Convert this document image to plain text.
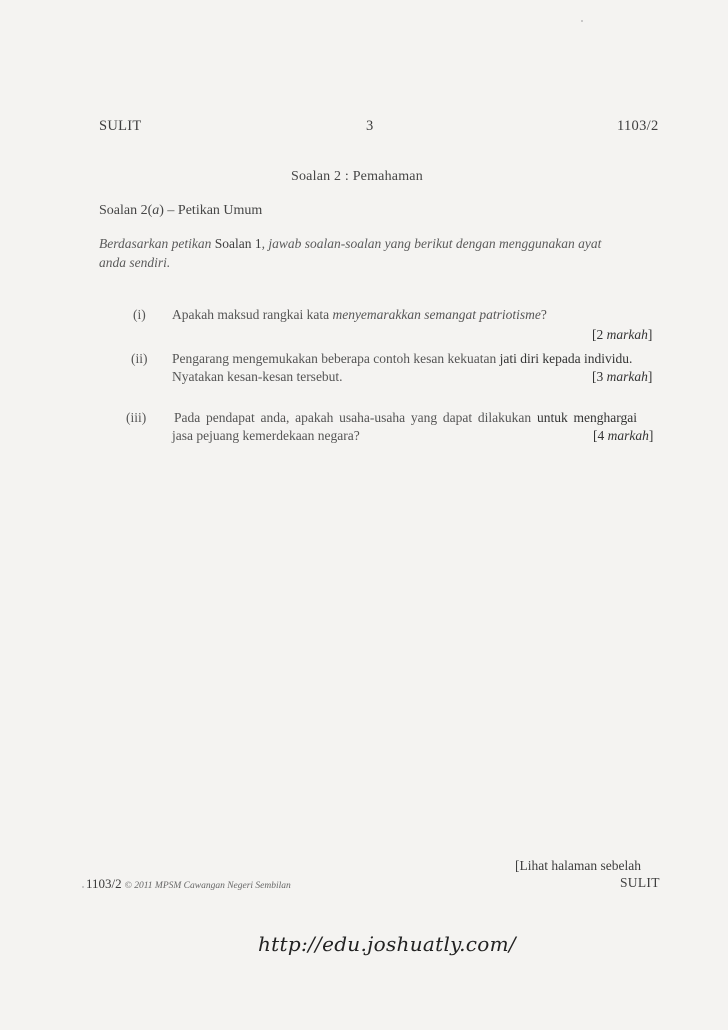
SULIT	3	1103/2
Soalan 2 : Pemahaman
Soalan 2(a) – Petikan Umum
Berdasarkan petikan Soalan 1, jawab soalan-soalan yang berikut dengan menggunakan ayat
anda sendiri.
(i) Apakah maksud rangkai kata menyemarakkan semangat patriotisme?
[2 markah]
(ii) Pengarang mengemukakan beberapa contoh kesan kekuatan jati diri kepada individu.
Nyatakan kesan-kesan tersebut.	[3 markah]
(iii) Pada pendapat anda, apakah usaha-usaha yang dapat dilakukan untuk menghargai
jasa pejuang kemerdekaan negara?	[4 markah]
1103/2 © 2011 MPSM Cawangan Negeri Sembilan
[Lihat halaman sebelah
SULIT
http://edu.joshuatly.com/
